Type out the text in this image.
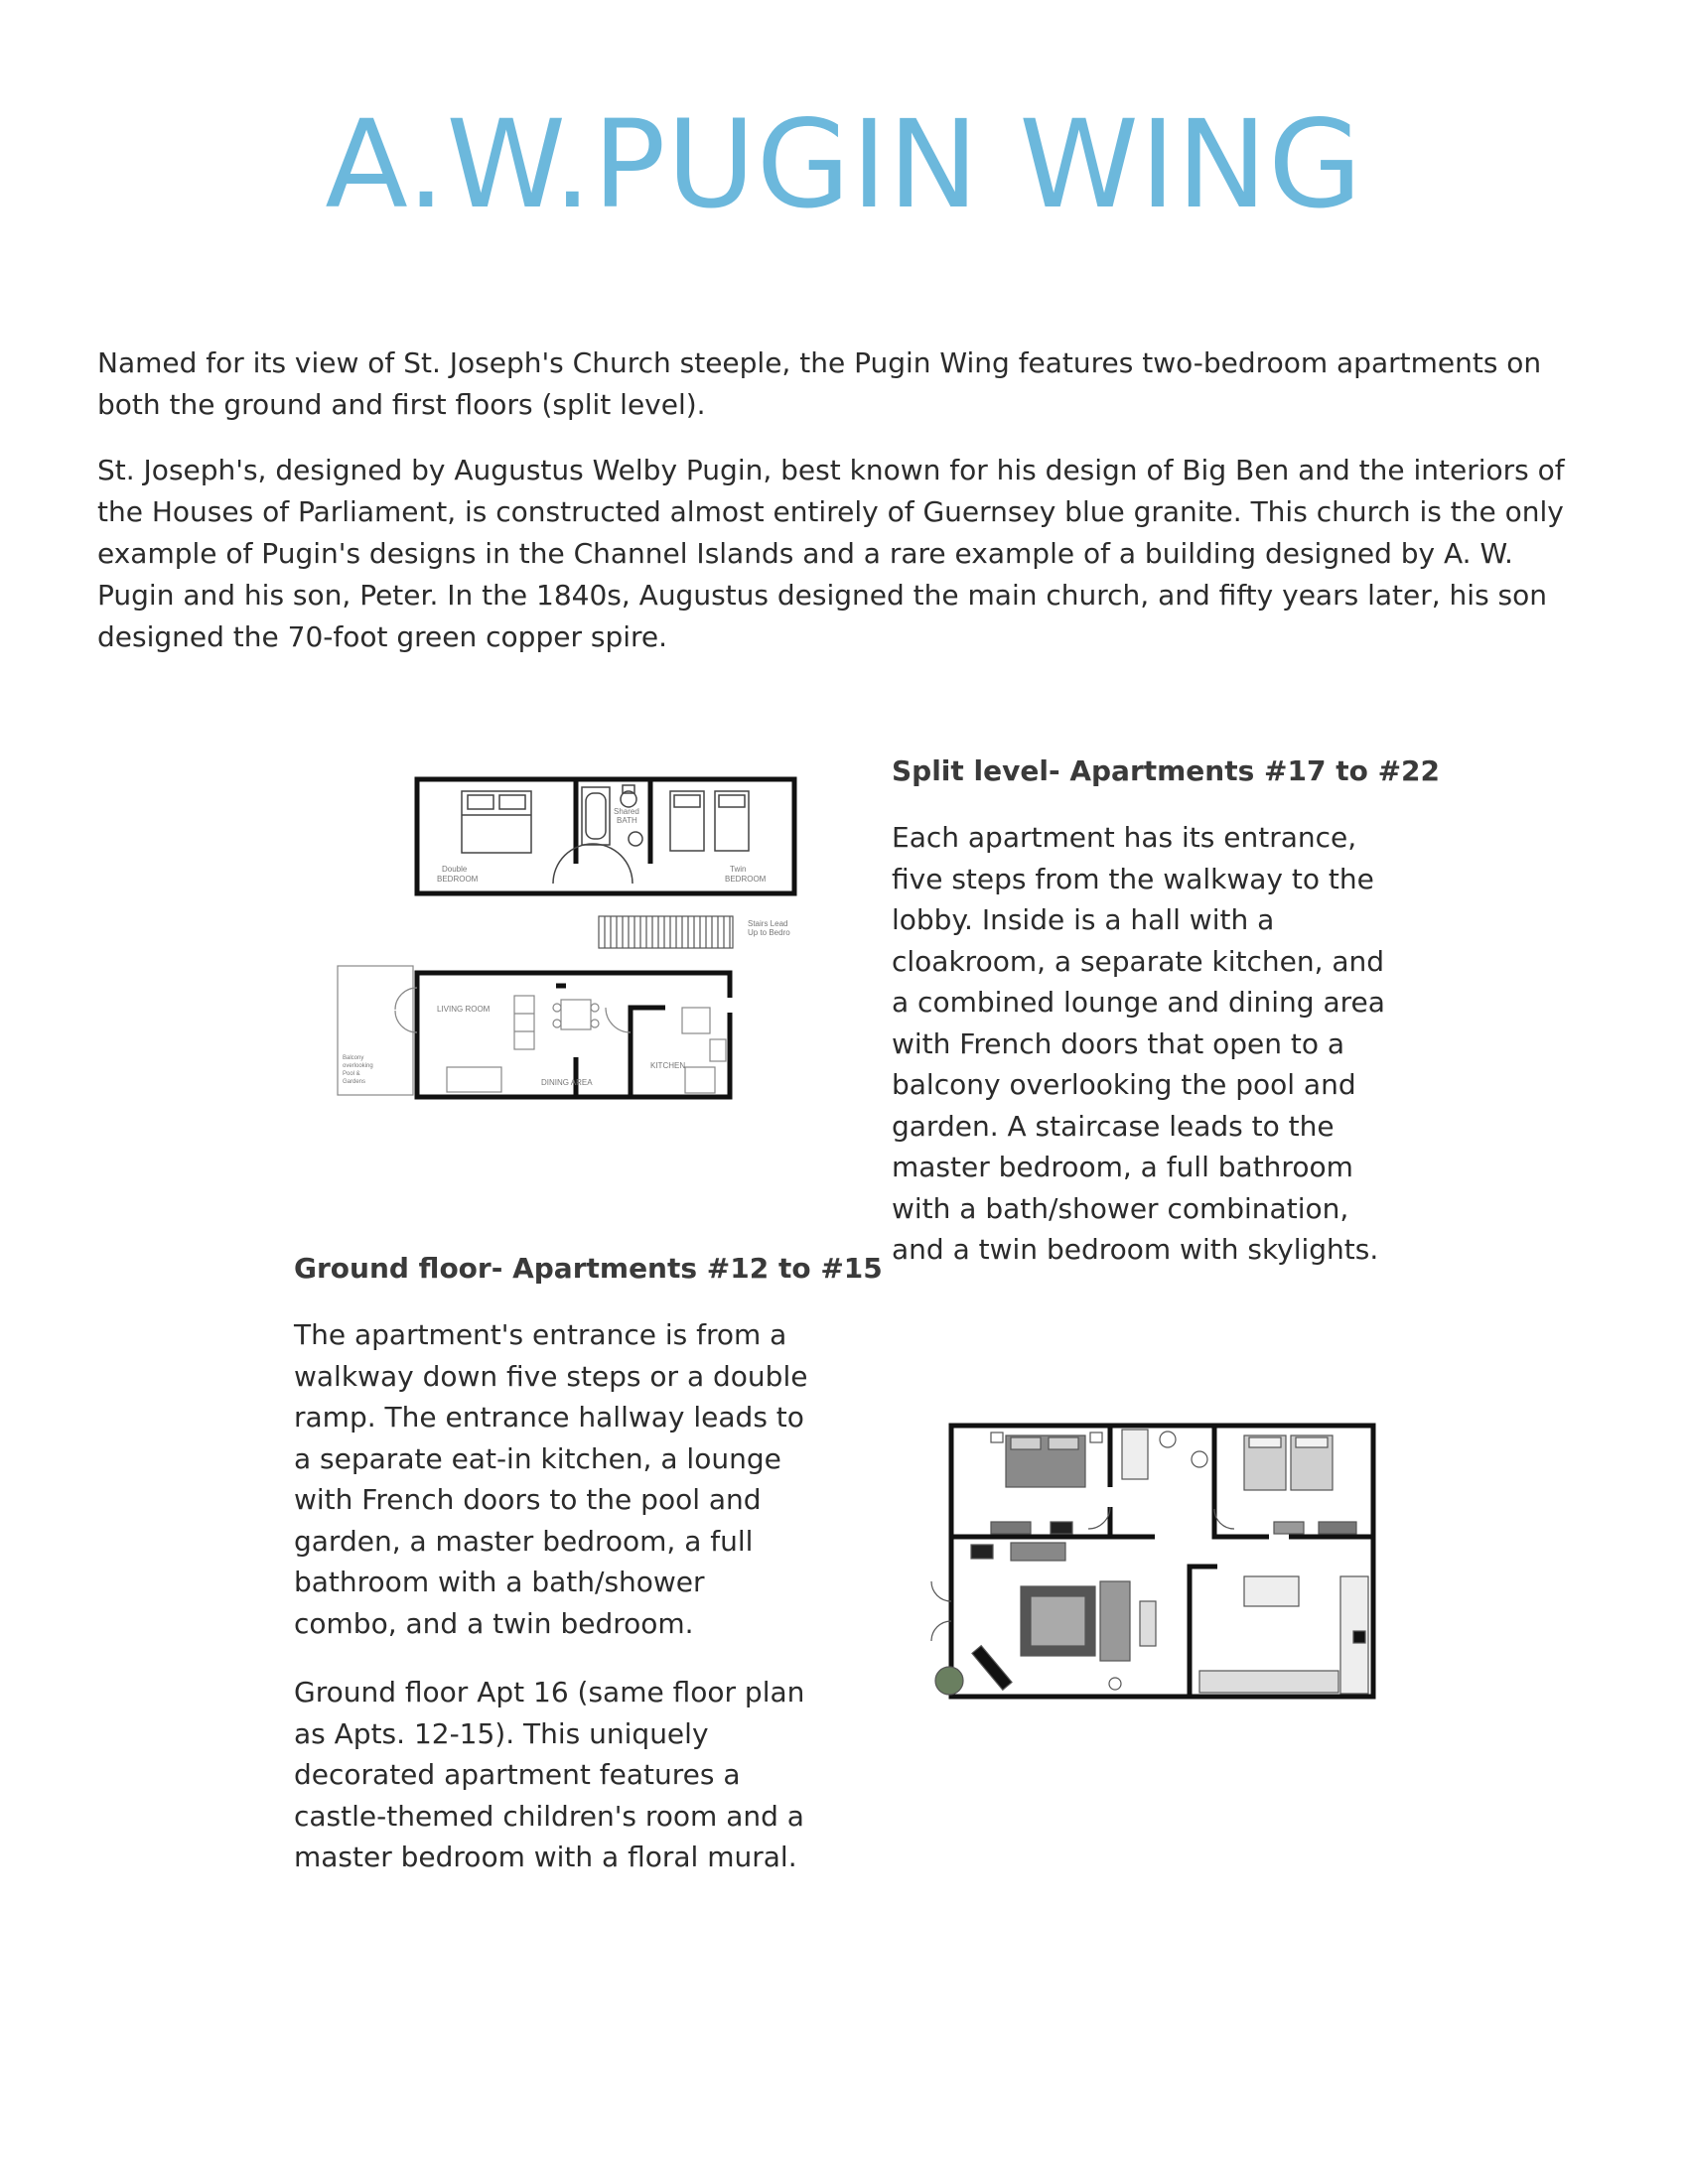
A.W.PUGIN WING

Named for its view of St. Joseph's Church steeple, the Pugin Wing features two-bedroom apartments on both the ground and first floors (split level).

St. Joseph's, designed by Augustus Welby Pugin, best known for his design of Big Ben and the interiors of the Houses of Parliament, is constructed almost entirely of Guernsey blue granite. This church is the only example of Pugin's designs in the Channel Islands and a rare example of a building designed by A. W. Pugin and his son, Peter. In the 1840s, Augustus designed the main church, and fifty years later, his son designed the 70-foot green copper spire.

Double
BEDROOM
Shared
BATH
Twin
BEDROOM
Stairs Lead
Up to Bedro
LIVING ROOM
DINING AREA
KITCHEN
Balcony
overlooking
Pool &
Gardens
Split level- Apartments #17 to #22

Each apartment has its entrance, five steps from the walkway to the lobby. Inside is a hall with a cloakroom, a separate kitchen, and a combined lounge and dining area with French doors that open to a balcony overlooking the pool and garden. A staircase leads to the master bedroom, a full bathroom with a bath/shower combination, and a twin bedroom with skylights.

Ground floor- Apartments #12 to #15

The apartment's entrance is from a walkway down five steps or a double ramp. The entrance hallway leads to a separate eat-in kitchen, a lounge with French doors to the pool and garden, a master bedroom, a full bathroom with a bath/shower combo, and a twin bedroom.

Ground floor Apt 16 (same floor plan as Apts. 12-15). This uniquely decorated apartment features a castle-themed children's room and a master bedroom with a floral mural.
